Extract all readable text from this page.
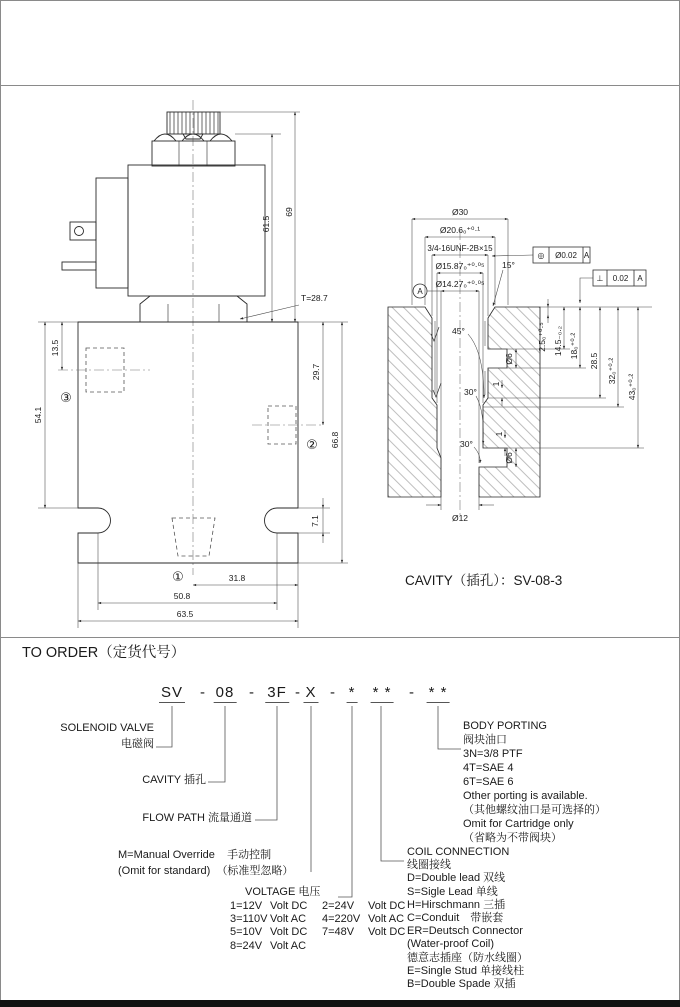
69
61.5
T=28.7
13.5
54.1
29.7
66.8
7.1
31.8
50.8
63.5
①
②
③
Ø30
Ø20.6₀⁺⁰·¹
3/4-16UNF-2B×15
Ø15.87₀⁺⁰·⁰⁵
Ø14.27₀⁺⁰·⁰⁵
15°
45°
30°
30°
1
1
Ø6
Ø6
Ø12
2.5₀⁺⁰·⁵ 14.5₋₀.₂ 18₀⁺⁰·²
28.5 32₀⁺⁰·²
43₀⁺⁰·²
◎ Ø0.02 A
⊥ 0.02 A
A
CAVITY（插孔）：SV-08-3
TO ORDER（定货代号）
SV - 08 - 3F - X - * * * - * *
SOLENOID VALVE
电磁阀
CAVITY 插孔
FLOW PATH 流量通道
M=Manual Override 手动控制
(Omit for standard) （标准型忽略）
VOLTAGE 电压
1=12V Volt DC	2=24V	Volt DC
3=110V Volt AC	4=220V Volt AC
5=10V Volt DC	7=48V	Volt DC
8=24V Volt AC
COIL CONNECTION
线圈接线
D=Double lead 双线
S=Sigle Lead 单线
H=Hirschmann 三插
C=Conduit　带嵌套
ER=Deutsch Connector
(Water-proof Coil)
德意志插座（防水线圈）
E=Single Stud 单接线柱
B=Double Spade 双插
BODY PORTING
阀块油口
3N=3/8 PTF
4T=SAE 4
6T=SAE 6
Other porting is available.
（其他螺纹油口是可选择的）
Omit for Cartridge only
（省略为不带阀块）
